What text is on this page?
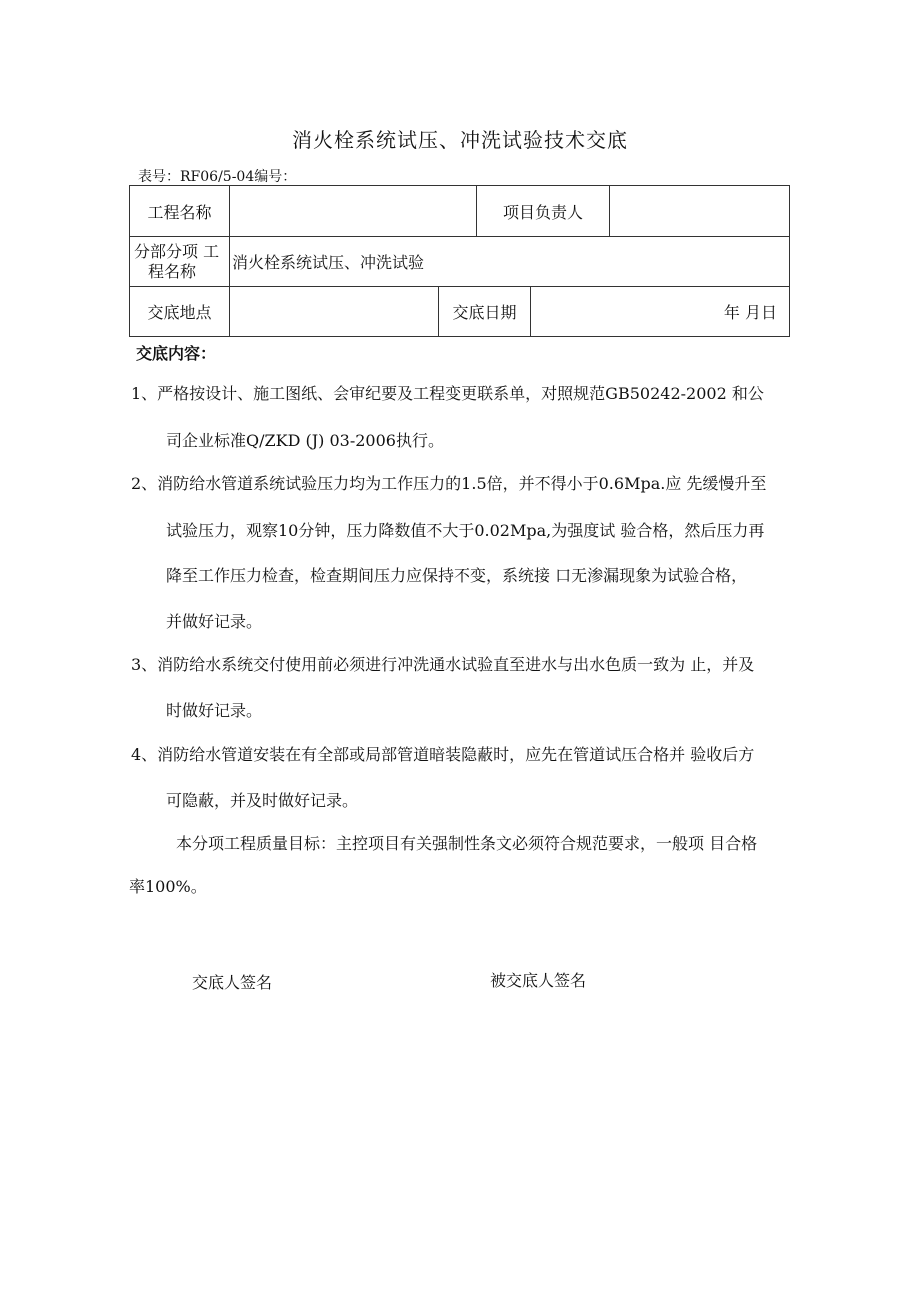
消火栓系统试压、冲洗试验技术交底
表号：RF06/5-04编号：
工程名称	项目负责人
分部分项 工
程名称	消火栓系统试压、冲洗试验
交底地点	交底日期	年 月日
交底内容：
1、严格按设计、施工图纸、会审纪要及工程变更联系单，对照规范GB50242-2002 和公
司企业标准Q/ZKD (J) 03-2006执行。
2、消防给水管道系统试验压力均为工作压力的1.5倍，并不得小于0.6Mpa.应 先缓慢升至
试验压力，观察10分钟，压力降数值不大于0.02Mpa,为强度试 验合格，然后压力再
降至工作压力检查，检查期间压力应保持不变，系统接 口无渗漏现象为试验合格，
并做好记录。
3、消防给水系统交付使用前必须进行冲洗通水试验直至进水与出水色质一致为 止，并及
时做好记录。
4、消防给水管道安装在有全部或局部管道暗装隐蔽时，应先在管道试压合格并 验收后方
可隐蔽，并及时做好记录。
本分项工程质量目标：主控项目有关强制性条文必须符合规范要求，一般项 目合格
率100%。
交底人签名	被交底人签名
